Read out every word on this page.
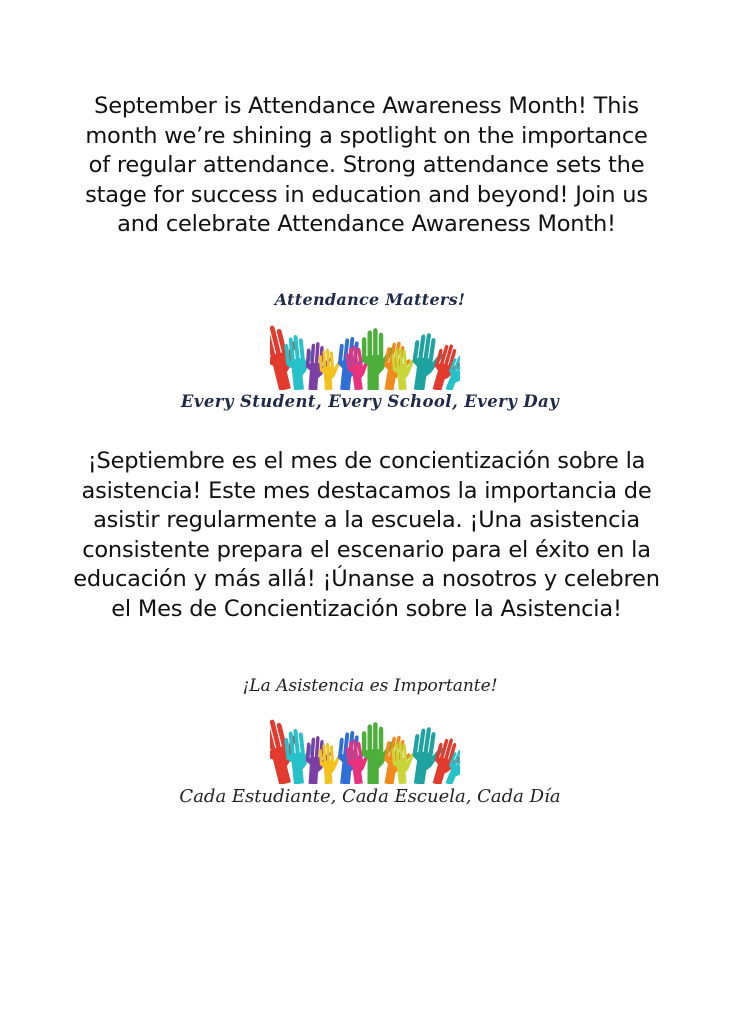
September is Attendance Awareness Month! This
month we’re shining a spotlight on the importance
of regular attendance. Strong attendance sets the
stage for success in education and beyond! Join us
and celebrate Attendance Awareness Month!
Attendance Matters!
Every Student, Every School, Every Day
¡Septiembre es el mes de concientización sobre la
asistencia! Este mes destacamos la importancia de
asistir regularmente a la escuela. ¡Una asistencia
consistente prepara el escenario para el éxito en la
educación y más allá! ¡Únanse a nosotros y celebren
el Mes de Concientización sobre la Asistencia!
¡La Asistencia es Importante!
Cada Estudiante, Cada Escuela, Cada Día
